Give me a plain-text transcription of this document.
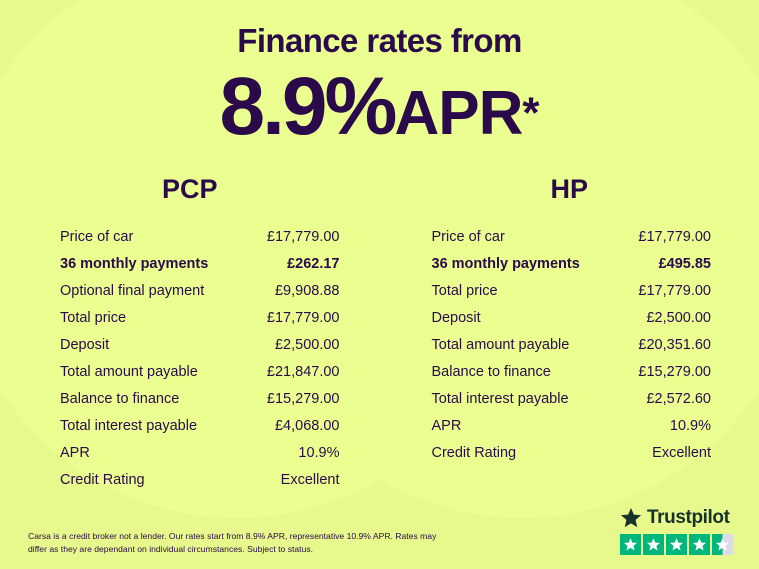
Finance rates from
8.9%APR*
PCP
Price of car	£17,779.00
36 monthly payments	£262.17
Optional final payment	£9,908.88
Total price	£17,779.00
Deposit	£2,500.00
Total amount payable	£21,847.00
Balance to finance	£15,279.00
Total interest payable	£4,068.00
APR	10.9%
Credit Rating	Excellent
HP
Price of car	£17,779.00
36 monthly payments	£495.85
Total price	£17,779.00
Deposit	£2,500.00
Total amount payable	£20,351.60
Balance to finance	£15,279.00
Total interest payable	£2,572.60
APR	10.9%
Credit Rating	Excellent
Carsa is a credit broker not a lender. Our rates start from 8.9% APR, representative 10.9% APR. Rates may differ as they are dependant on individual circumstances. Subject to status.
Trustpilot
